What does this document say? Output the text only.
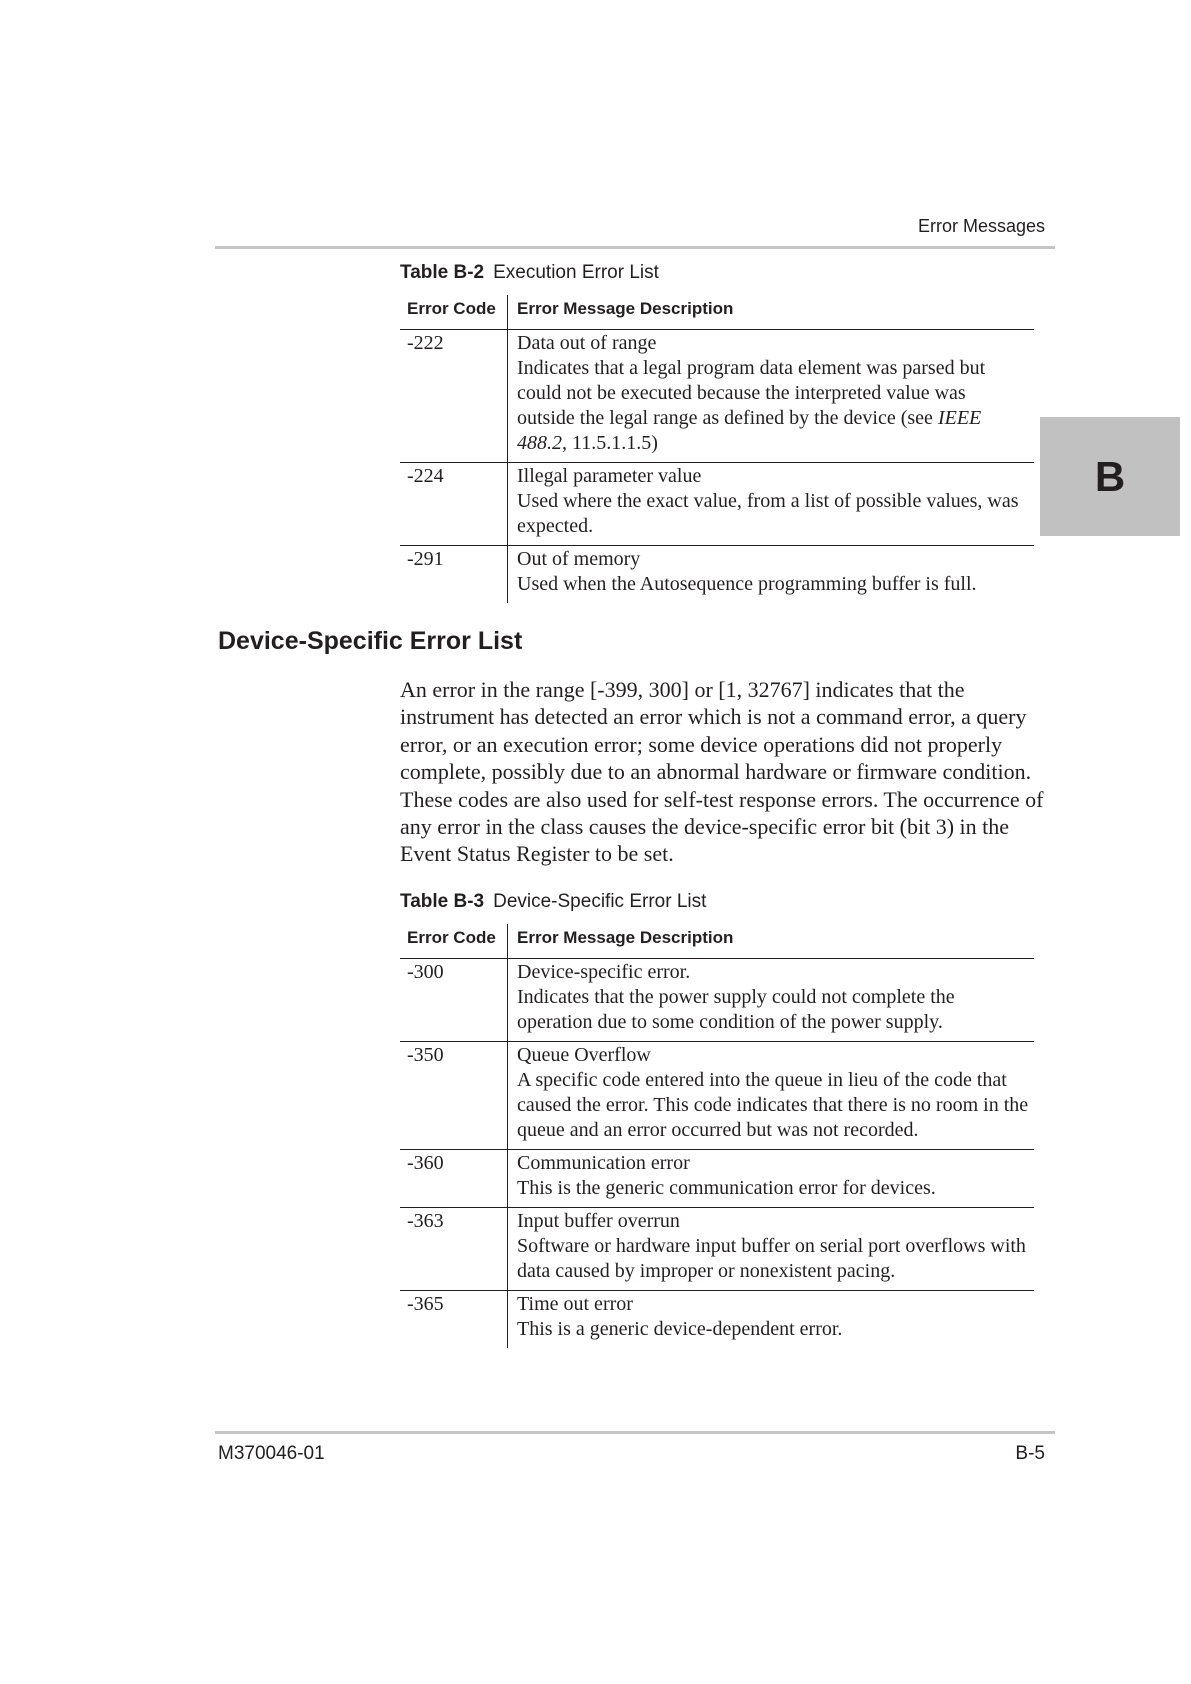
Error Messages
B
Table B-2 Execution Error List
Error Code	Error Message Description
-222	Data out of range
Indicates that a legal program data element was parsed but
could not be executed because the interpreted value was
outside the legal range as defined by the device (see IEEE
488.2, 11.5.1.1.5)
-224	Illegal parameter value
Used where the exact value, from a list of possible values, was
expected.
-291	Out of memory
Used when the Autosequence programming buffer is full.
Device-Specific Error List
An error in the range [-399, 300] or [1, 32767] indicates that the
instrument has detected an error which is not a command error, a query
error, or an execution error; some device operations did not properly
complete, possibly due to an abnormal hardware or firmware condition.
These codes are also used for self-test response errors. The occurrence of
any error in the class causes the device-specific error bit (bit 3) in the
Event Status Register to be set.
Table B-3 Device-Specific Error List
Error Code	Error Message Description
-300	Device-specific error.
Indicates that the power supply could not complete the
operation due to some condition of the power supply.
-350	Queue Overflow
A specific code entered into the queue in lieu of the code that
caused the error. This code indicates that there is no room in the
queue and an error occurred but was not recorded.
-360	Communication error
This is the generic communication error for devices.
-363	Input buffer overrun
Software or hardware input buffer on serial port overflows with
data caused by improper or nonexistent pacing.
-365	Time out error
This is a generic device-dependent error.
M370046-01	B-5
